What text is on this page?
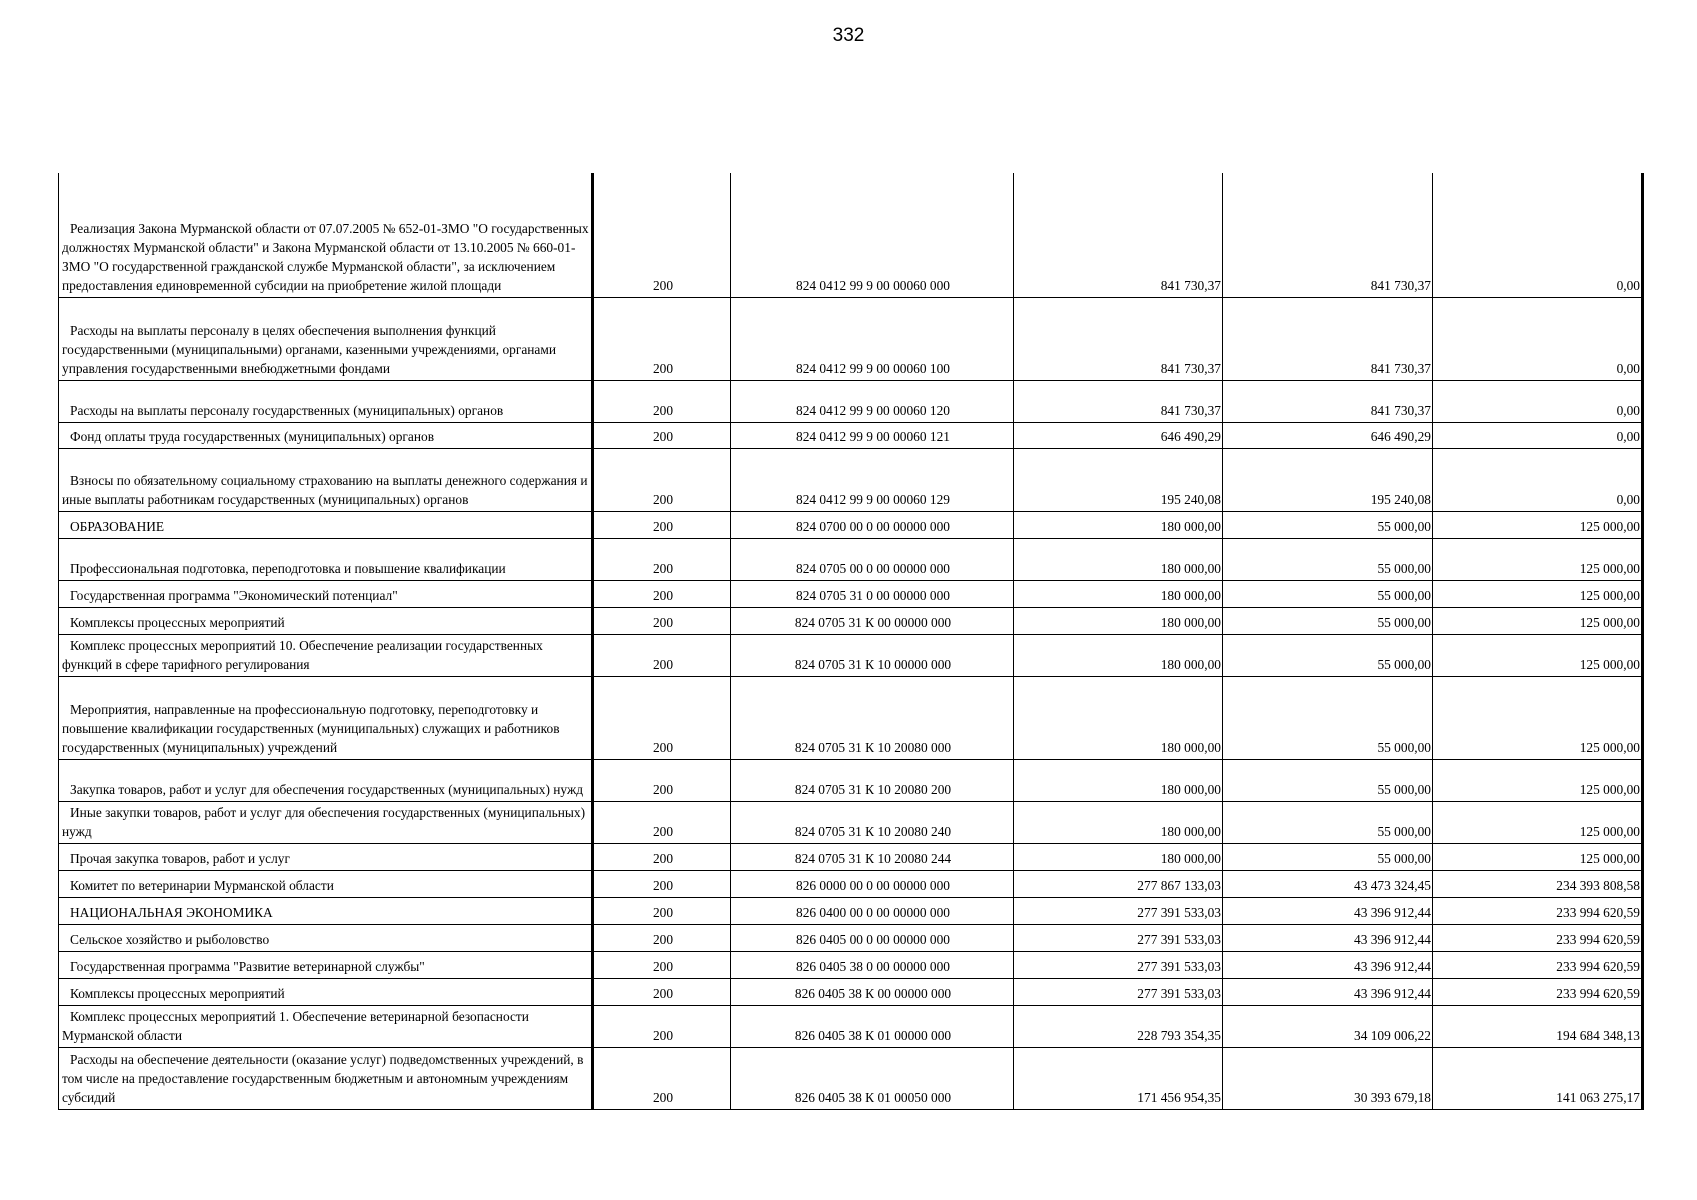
332
Реализация Закона Мурманской области от 07.07.2005 № 652-01-ЗМО "О государственных должностях Мурманской области" и Закона Мурманской области от 13.10.2005 № 660-01-ЗМО "О государственной гражданской службе Мурманской области", за исключением предоставления единовременной субсидии на приобретение жилой площади	200	824 0412 99 9 00 00060 000	841 730,37	841 730,37	0,00

Расходы на выплаты персоналу в целях обеспечения выполнения функций государственными (муниципальными) органами, казенными учреждениями, органами управления государственными внебюджетными фондами	200	824 0412 99 9 00 00060 100	841 730,37	841 730,37	0,00

Расходы на выплаты персоналу государственных (муниципальных) органов	200	824 0412 99 9 00 00060 120	841 730,37	841 730,37	0,00

Фонд оплаты труда государственных (муниципальных) органов	200	824 0412 99 9 00 00060 121	646 490,29	646 490,29	0,00

Взносы по обязательному социальному страхованию на выплаты денежного содержания и иные выплаты работникам государственных (муниципальных) органов	200	824 0412 99 9 00 00060 129	195 240,08	195 240,08	0,00

ОБРАЗОВАНИЕ	200	824 0700 00 0 00 00000 000	180 000,00	55 000,00	125 000,00

Профессиональная подготовка, переподготовка и повышение квалификации	200	824 0705 00 0 00 00000 000	180 000,00	55 000,00	125 000,00

Государственная программа "Экономический потенциал"	200	824 0705 31 0 00 00000 000	180 000,00	55 000,00	125 000,00

Комплексы процессных мероприятий	200	824 0705 31 К 00 00000 000	180 000,00	55 000,00	125 000,00

Комплекс процессных мероприятий 10. Обеспечение реализации государственных функций в сфере тарифного регулирования	200	824 0705 31 К 10 00000 000	180 000,00	55 000,00	125 000,00

Мероприятия, направленные на профессиональную подготовку, переподготовку и повышение квалификации государственных (муниципальных) служащих и работников государственных (муниципальных) учреждений	200	824 0705 31 К 10 20080 000	180 000,00	55 000,00	125 000,00

Закупка товаров, работ и услуг для обеспечения государственных (муниципальных) нужд	200	824 0705 31 К 10 20080 200	180 000,00	55 000,00	125 000,00

Иные закупки товаров, работ и услуг для обеспечения государственных (муниципальных) нужд	200	824 0705 31 К 10 20080 240	180 000,00	55 000,00	125 000,00

Прочая закупка товаров, работ и услуг	200	824 0705 31 К 10 20080 244	180 000,00	55 000,00	125 000,00

Комитет по ветеринарии Мурманской области	200	826 0000 00 0 00 00000 000	277 867 133,03	43 473 324,45	234 393 808,58

НАЦИОНАЛЬНАЯ ЭКОНОМИКА	200	826 0400 00 0 00 00000 000	277 391 533,03	43 396 912,44	233 994 620,59

Сельское хозяйство и рыболовство	200	826 0405 00 0 00 00000 000	277 391 533,03	43 396 912,44	233 994 620,59

Государственная программа "Развитие ветеринарной службы"	200	826 0405 38 0 00 00000 000	277 391 533,03	43 396 912,44	233 994 620,59

Комплексы процессных мероприятий	200	826 0405 38 К 00 00000 000	277 391 533,03	43 396 912,44	233 994 620,59

Комплекс процессных мероприятий 1. Обеспечение ветеринарной безопасности Мурманской области	200	826 0405 38 К 01 00000 000	228 793 354,35	34 109 006,22	194 684 348,13

Расходы на обеспечение деятельности (оказание услуг) подведомственных учреждений, в том числе на предоставление государственным бюджетным и автономным учреждениям субсидий	200	826 0405 38 К 01 00050 000	171 456 954,35	30 393 679,18	141 063 275,17
